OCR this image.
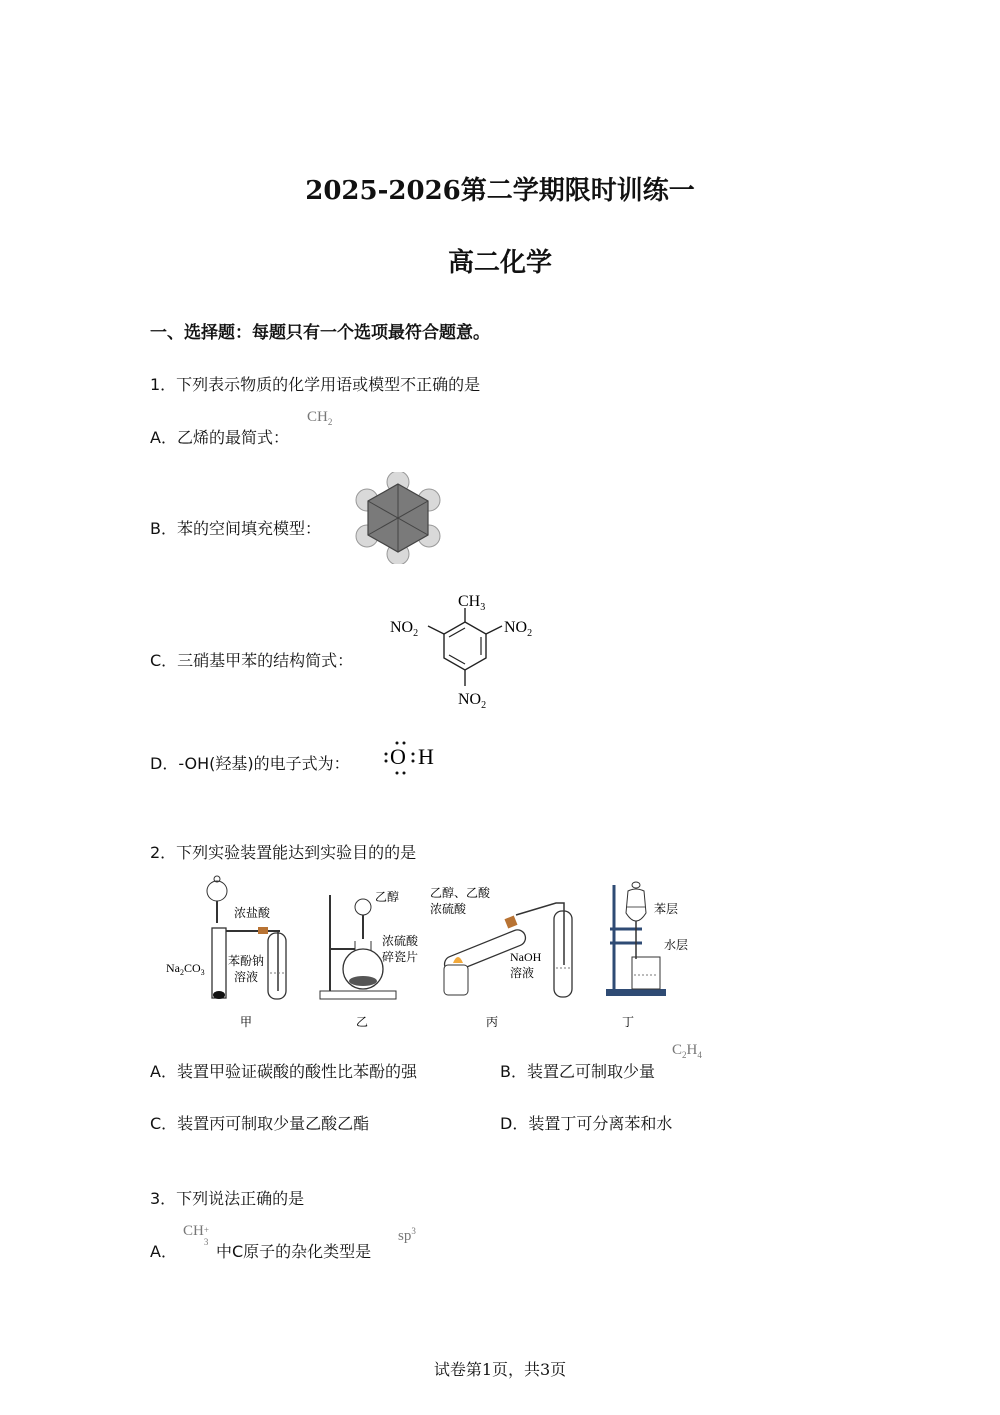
2025-2026第二学期限时训练一
高二化学
一、选择题：每题只有一个选项最符合题意。
1．下列表示物质的化学用语或模型不正确的是
A．乙烯的最简式：
$CH_2$
B．苯的空间填充模型：
C．三硝基甲苯的结构简式：
$CH_3$
$NO_2$
$NO_2$
$NO_2$
D．-OH(羟基)的电子式为： O H
2．下列实验装置能达到实验目的的是
浓盐酸
苯酚钠
溶液
$Na_2CO_3$
甲
乙醇
浓硫酸
碎瓷片
乙
乙醇、乙酸
浓硫酸
NaOH
溶液
丙
苯层
水层
丁
A．装置甲验证碳酸的酸性比苯酚的强	B．装置乙可制取少量
$C_2H_4$
C．装置丙可制取少量乙酸乙酯	D．装置丁可分离苯和水
3．下列说法正确的是
A．
CH +
3 中C原子的杂化类型是
$sp^3$
试卷第1页，共3页
